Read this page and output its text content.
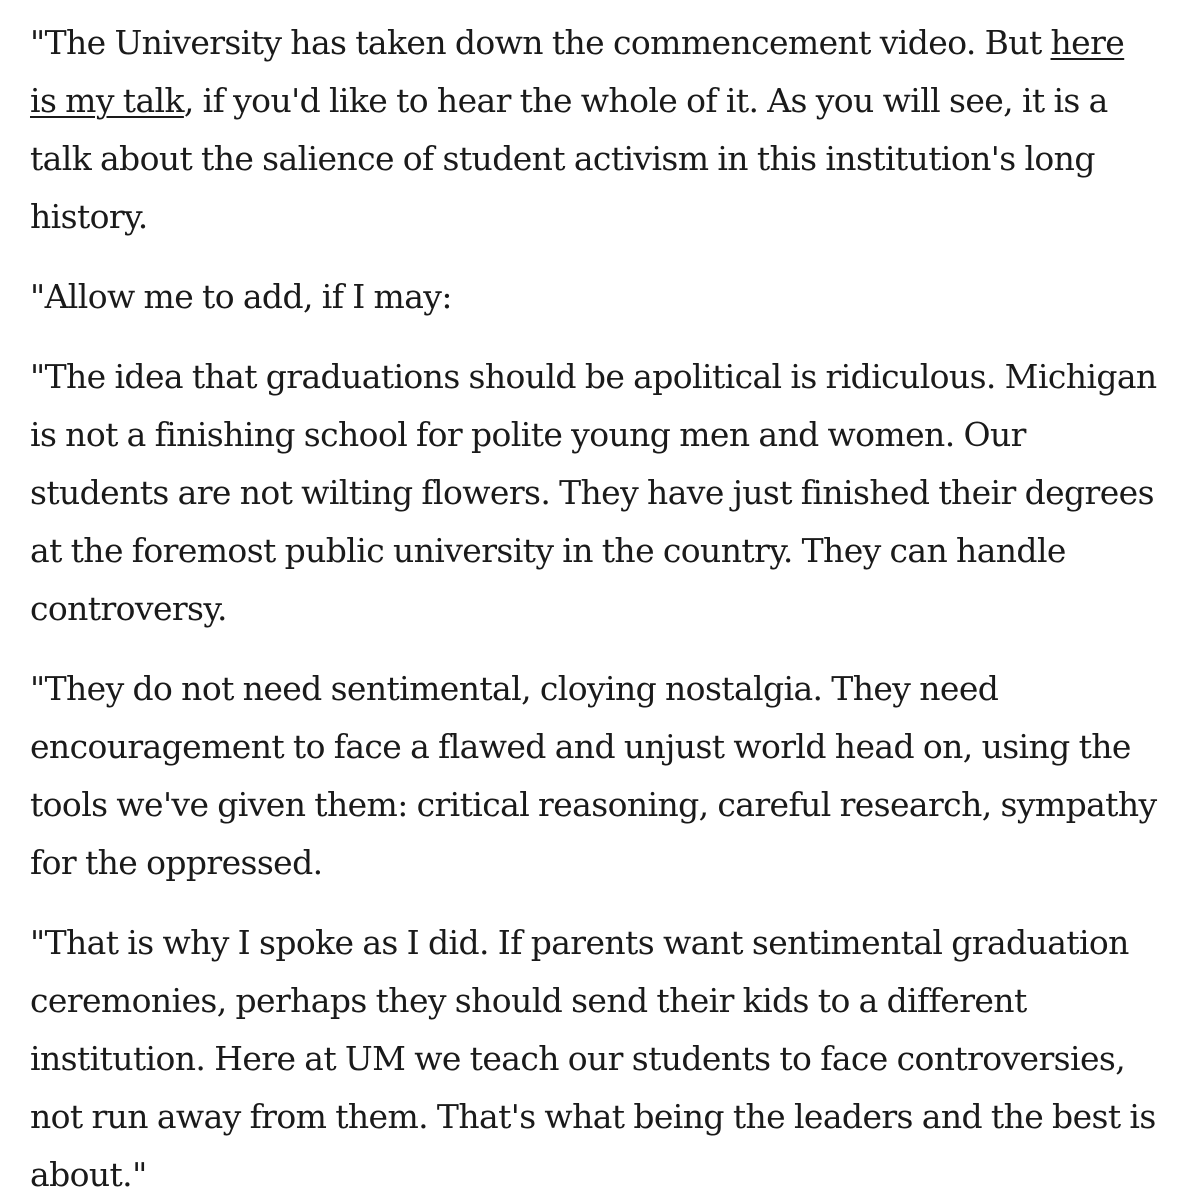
"The University has taken down the commencement video. But here is my talk, if you'd like to hear the whole of it. As you will see, it is a talk about the salience of student activism in this institution's long history.

"Allow me to add, if I may:

"The idea that graduations should be apolitical is ridiculous. Michigan is not a finishing school for polite young men and women. Our students are not wilting flowers. They have just finished their degrees at the foremost public university in the country. They can handle controversy.

"They do not need sentimental, cloying nostalgia. They need encouragement to face a flawed and unjust world head on, using the tools we've given them: critical reasoning, careful research, sympathy for the oppressed.

"That is why I spoke as I did. If parents want sentimental graduation ceremonies, perhaps they should send their kids to a different institution. Here at UM we teach our students to face controversies, not run away from them. That's what being the leaders and the best is about."
